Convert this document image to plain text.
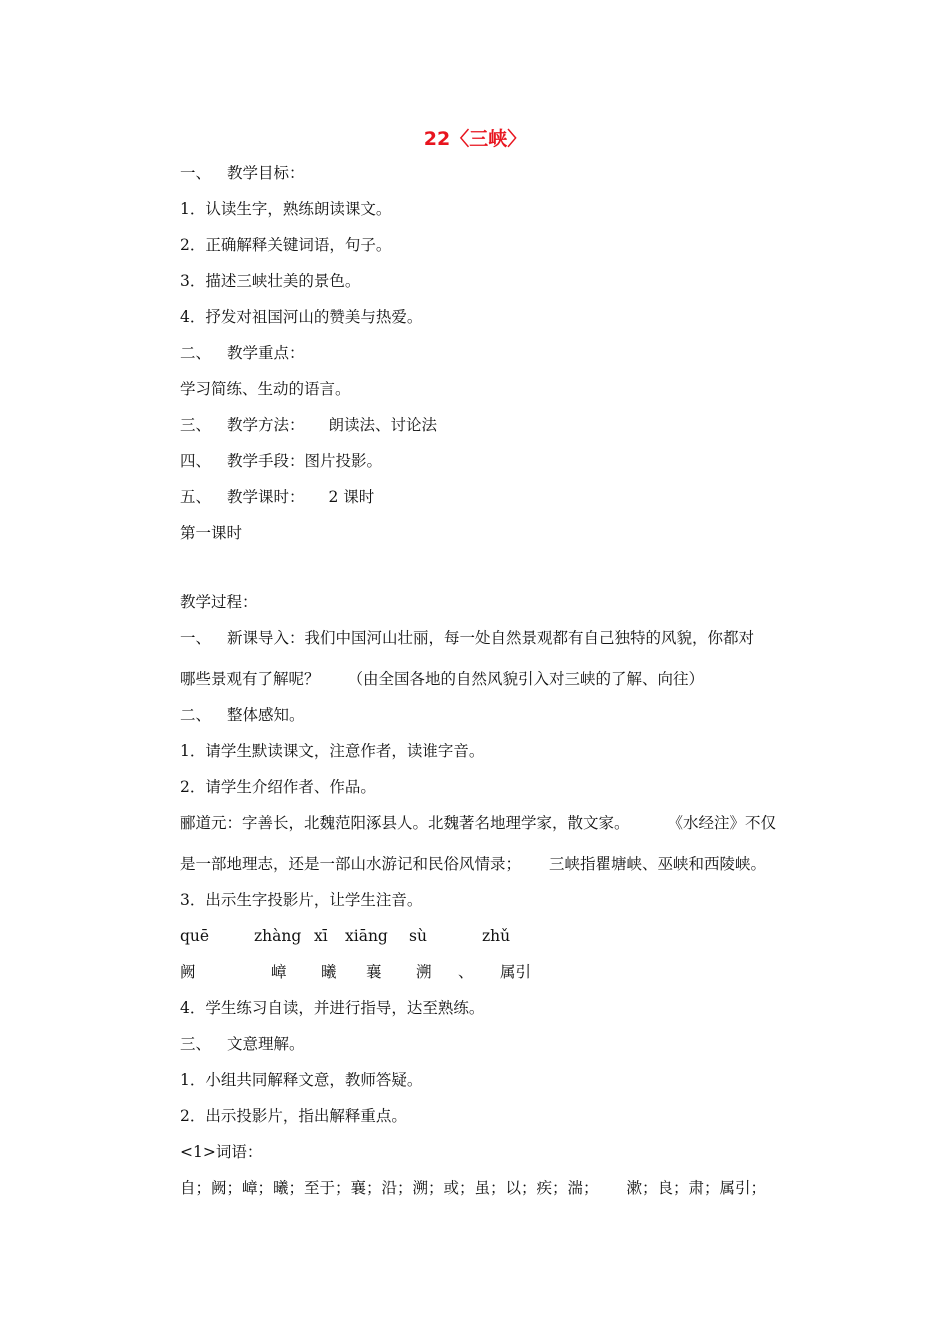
22〈三峡〉
一、 教学目标：
1．认读生字，熟练朗读课文。
2．正确解释关键词语，句子。
3．描述三峡壮美的景色。
4．抒发对祖国河山的赞美与热爱。
二、 教学重点：
学习简练、生动的语言。
三、 教学方法： 朗读法、讨论法
四、 教学手段：图片投影。
五、 教学课时： 2 课时
第一课时
教学过程：
一、 新课导入：我们中国河山壮丽，每一处自然景观都有自己独特的风貌，你都对
哪些景观有了解呢？ （由全国各地的自然风貌引入对三峡的了解、向往）
二、 整体感知。
1．请学生默读课文，注意作者，读谁字音。
2．请学生介绍作者、作品。
郦道元：字善长，北魏范阳涿县人。北魏著名地理学家，散文家。 《水经注》不仅
是一部地理志，还是一部山水游记和民俗风情录； 三峡指瞿塘峡、巫峡和西陵峡。
3．出示生字投影片，让学生注音。
quē	zhàng xī xiāng sù	zhǔ
阙	嶂 曦 襄 溯 、 属引
4．学生练习自读，并进行指导，达至熟练。
三、 文意理解。
1．小组共同解释文意，教师答疑。
2．出示投影片，指出解释重点。
<1>词语：
自；阙；嶂；曦；至于；襄；沿；溯；或；虽；以；疾；湍； 漱；良；肃；属引；
